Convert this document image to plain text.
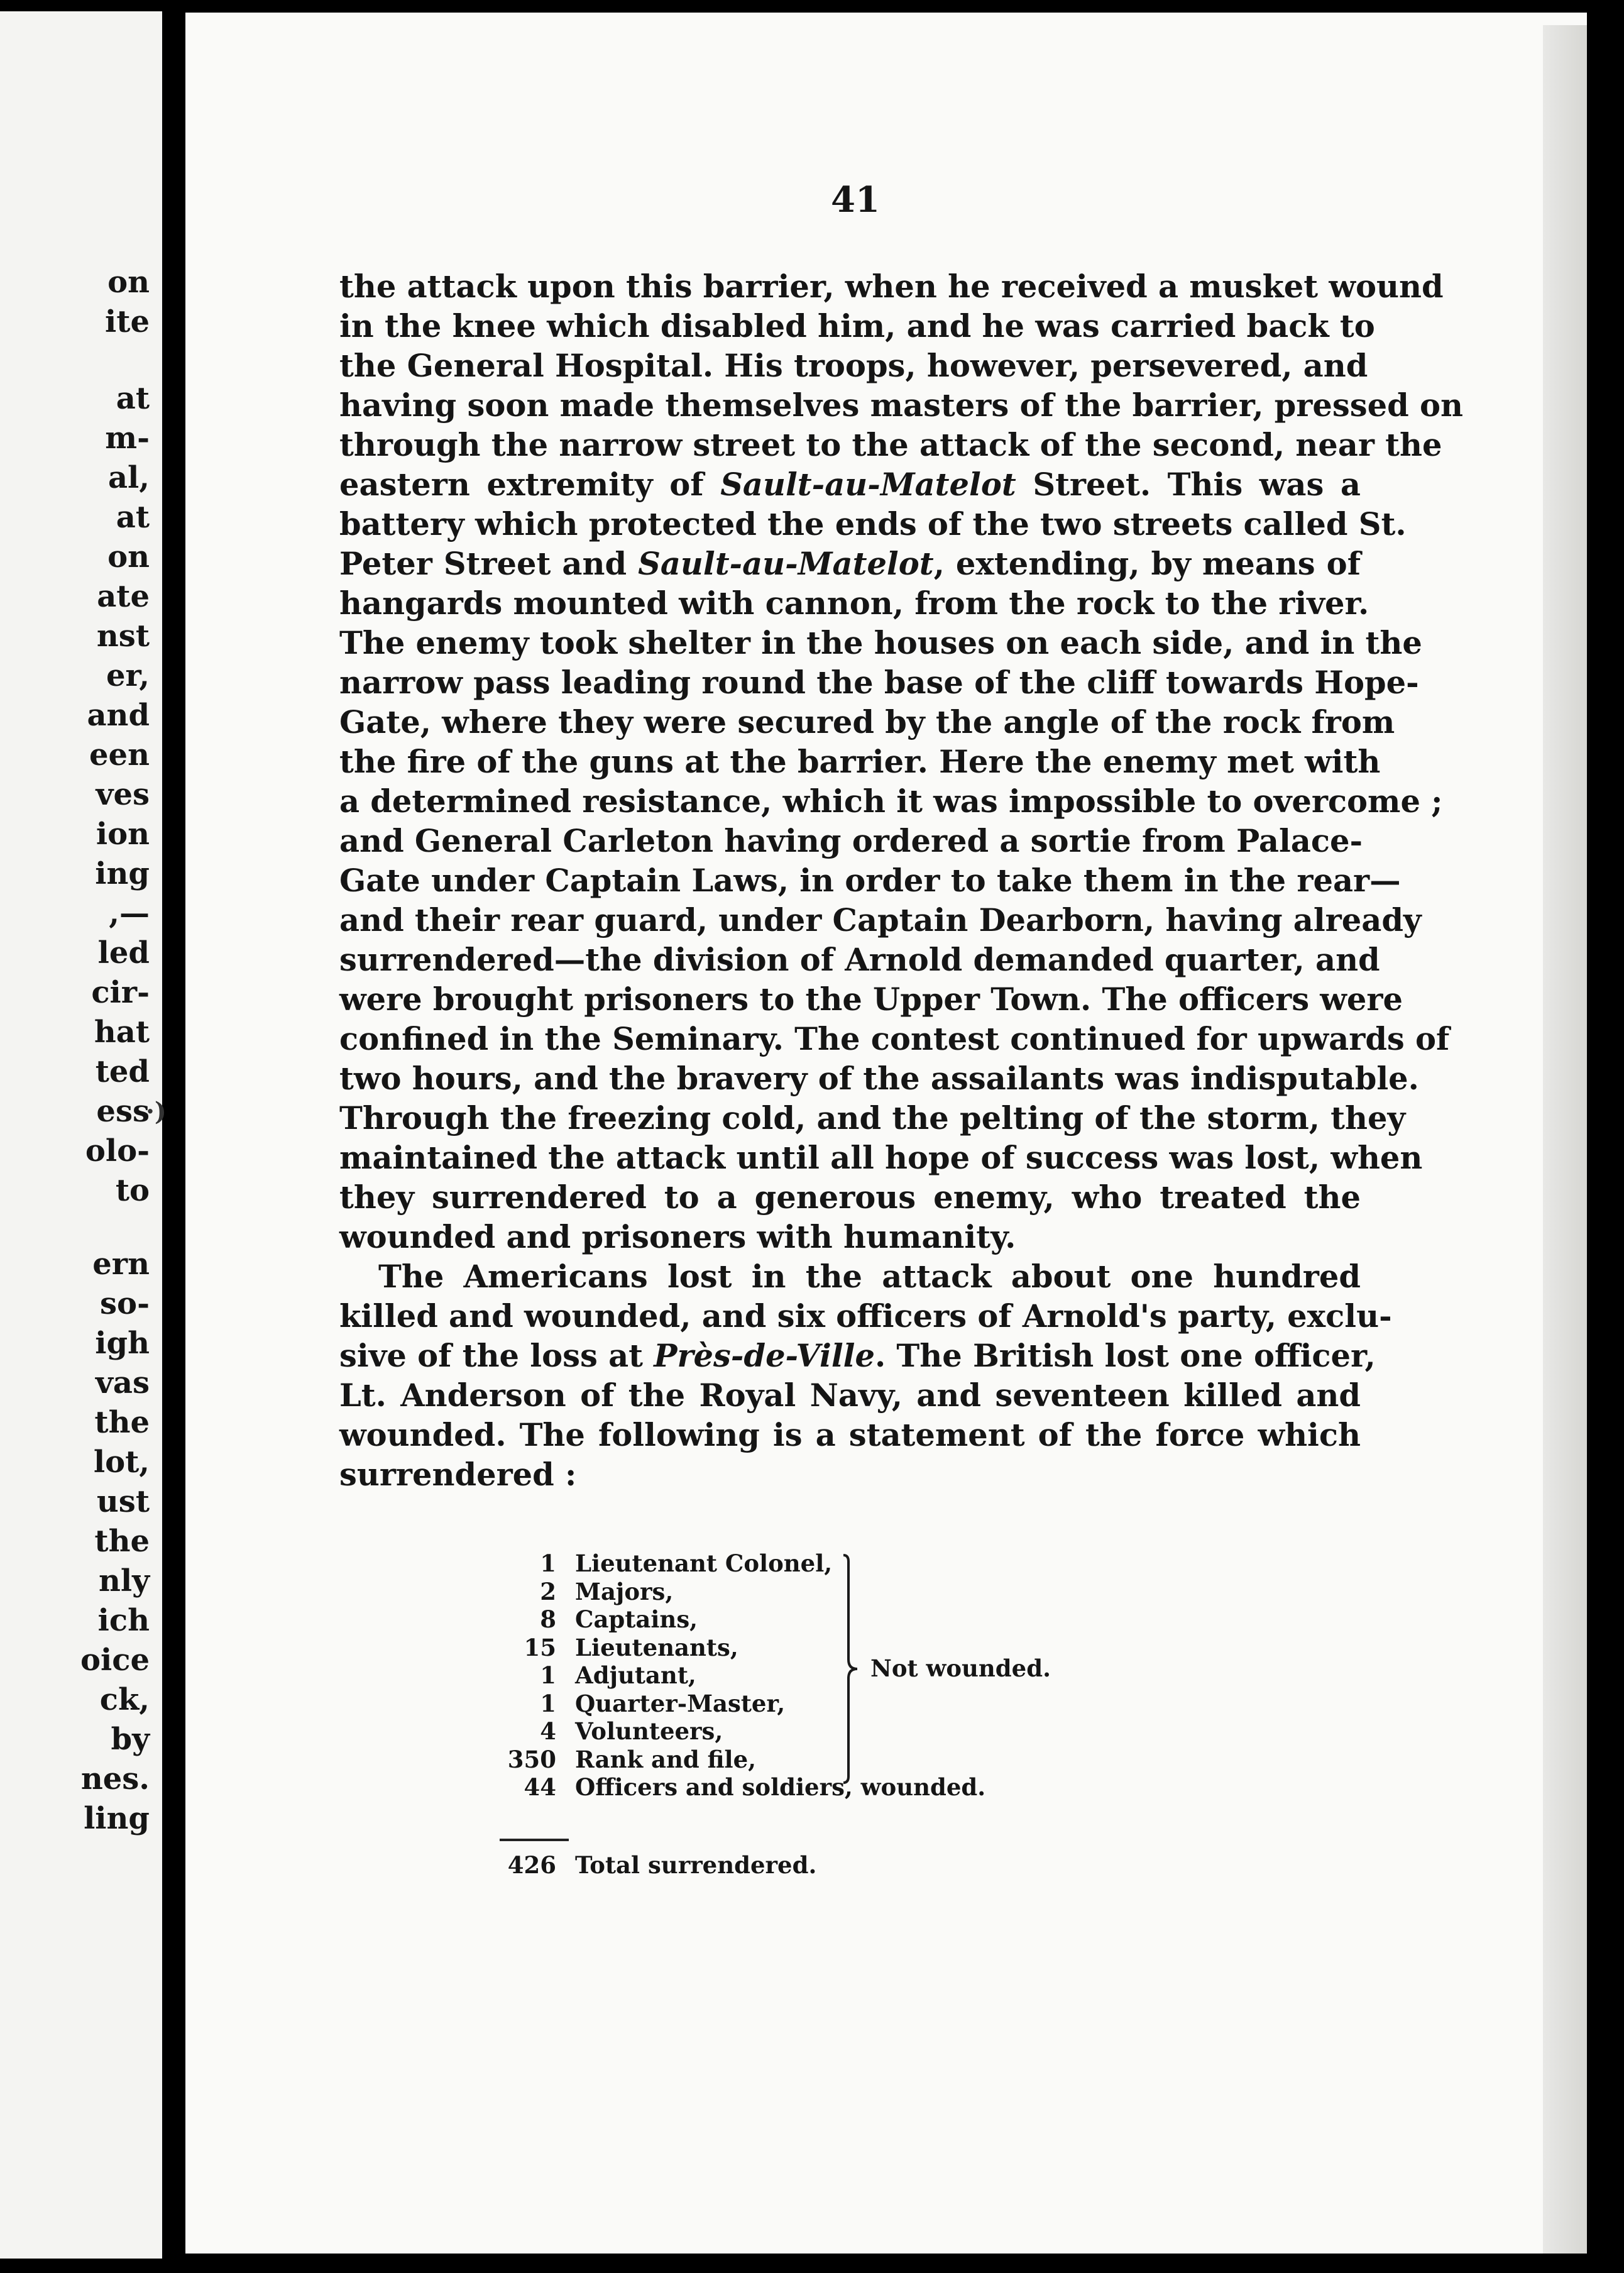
on
ite
at
m-
al,
at
on
ate
nst
er,
and
een
ves
ion
ing
,—
led
cir-
hat
ted
ess
olo-
to
ern
so-
igh
vas
the
lot,
ust
the
nly
ich
oice
ck,
by
nes.
ling
·)
41
the attack upon this barrier, when he received a musket wound
in the knee which disabled him, and he was carried back to
the General Hospital. His troops, however, persevered, and
having soon made themselves masters of the barrier, pressed on
through the narrow street to the attack of the second, near the
eastern extremity of Sault-au-Matelot Street. This was a
battery which protected the ends of the two streets called St.
Peter Street and Sault-au-Matelot, extending, by means of
hangards mounted with cannon, from the rock to the river.
The enemy took shelter in the houses on each side, and in the
narrow pass leading round the base of the cliff towards Hope-
Gate, where they were secured by the angle of the rock from
the fire of the guns at the barrier. Here the enemy met with
a determined resistance, which it was impossible to overcome ;
and General Carleton having ordered a sortie from Palace-
Gate under Captain Laws, in order to take them in the rear—
and their rear guard, under Captain Dearborn, having already
surrendered—the division of Arnold demanded quarter, and
were brought prisoners to the Upper Town. The officers were
confined in the Seminary. The contest continued for upwards of
two hours, and the bravery of the assailants was indisputable.
Through the freezing cold, and the pelting of the storm, they
maintained the attack until all hope of success was lost, when
they surrendered to a generous enemy, who treated the
wounded and prisoners with humanity.
The Americans lost in the attack about one hundred
killed and wounded, and six officers of Arnold's party, exclu-
sive of the loss at Près-de-Ville. The British lost one officer,
Lt. Anderson of the Royal Navy, and seventeen killed and
wounded. The following is a statement of the force which
surrendered :
1 Lieutenant Colonel,
2 Majors,
8 Captains,
15 Lieutenants,
1 Adjutant,
1 Quarter-Master,
4 Volunteers,
350 Rank and file,
44 Officers and soldiers, wounded.
Not wounded.
426 Total surrendered.
